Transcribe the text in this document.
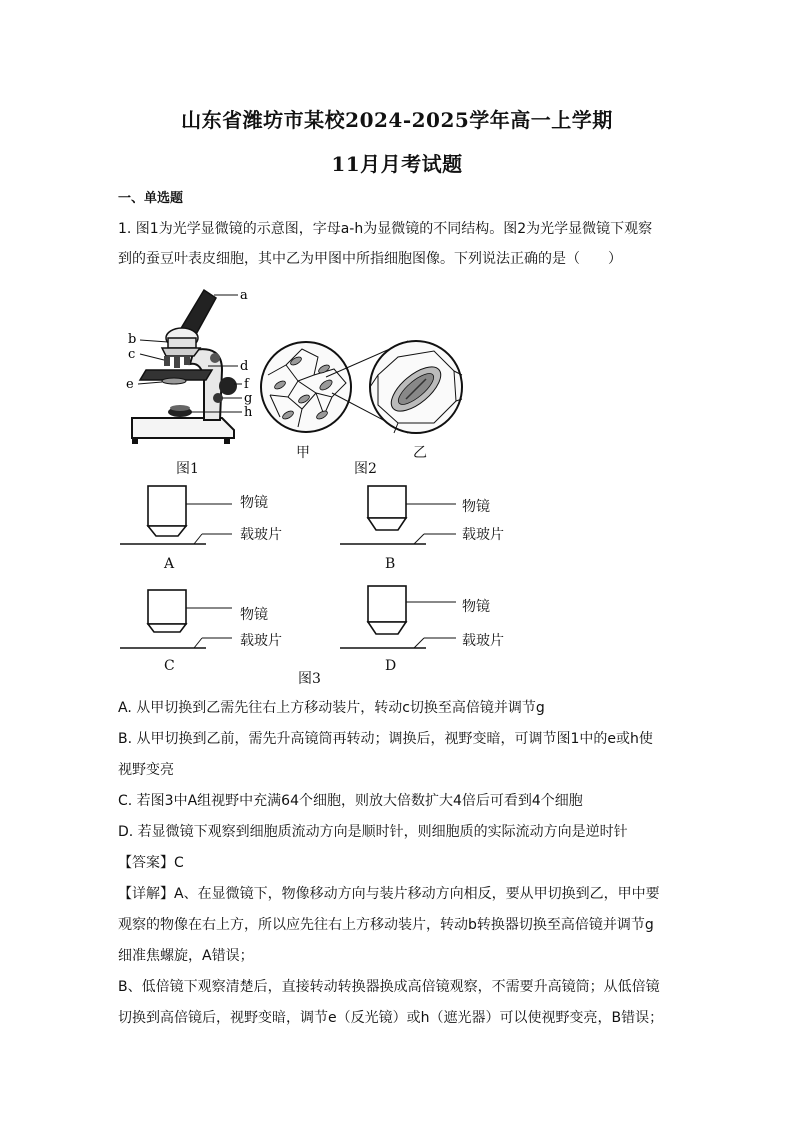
山东省潍坊市某校2024-2025学年高一上学期
11月月考试题
一、单选题
1. 图1为光学显微镜的示意图，字母a-h为显微镜的不同结构。图2为光学显微镜下观察
到的蚕豆叶表皮细胞，其中乙为甲图中所指细胞图像。下列说法正确的是（　　）
a
b
c
d
e	f
g
h
图1
甲	乙
图2
物镜
载玻片
A
物镜
载玻片
B
物镜
载玻片
C
物镜
载玻片
D
图3
A. 从甲切换到乙需先往右上方移动装片，转动c切换至高倍镜并调节g
B. 从甲切换到乙前，需先升高镜筒再转动；调换后，视野变暗，可调节图1中的e或h使
视野变亮
C. 若图3中A组视野中充满64个细胞，则放大倍数扩大4倍后可看到4个细胞
D. 若显微镜下观察到细胞质流动方向是顺时针，则细胞质的实际流动方向是逆时针
【答案】C
【详解】A、在显微镜下，物像移动方向与装片移动方向相反，要从甲切换到乙，甲中要
观察的物像在右上方，所以应先往右上方移动装片，转动b转换器切换至高倍镜并调节g
细准焦螺旋，A错误；
B、低倍镜下观察清楚后，直接转动转换器换成高倍镜观察，不需要升高镜筒；从低倍镜
切换到高倍镜后，视野变暗，调节e（反光镜）或h（遮光器）可以使视野变亮，B错误；
